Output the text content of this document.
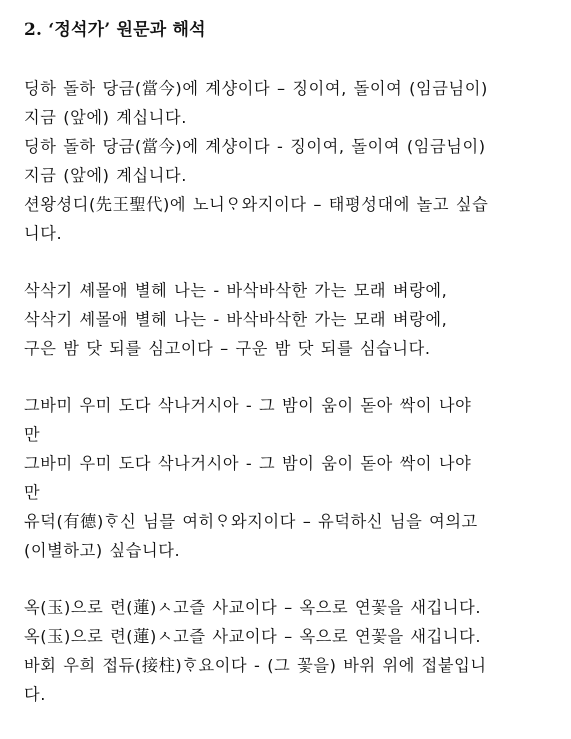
2. ‘정석가’ 원문과 해석

딩하 돌하 당금(當今)에 계샹이다 – 징이여, 돌이여 (임금님이)

지금 (앞에) 계십니다.

딩하 돌하 당금(當今)에 계샹이다 - 징이여, 돌이여 (임금님이)

지금 (앞에) 계십니다.

션왕셩디(先王聖代)에 노니ᄋᆞ와지이다 – 태평성대에 놀고 싶습

니다.

삭삭기 셰몰애 별헤 나는 - 바삭바삭한 가는 모래 벼랑에,

삭삭기 셰몰애 별헤 나는 - 바삭바삭한 가는 모래 벼랑에,

구은 밤 닷 되를 심고이다 – 구운 밤 닷 되를 심습니다.

그바미 우미 도다 삭나거시아 - 그 밤이 움이 돋아 싹이 나야

만

그바미 우미 도다 삭나거시아 - 그 밤이 움이 돋아 싹이 나야

만

유덕(有德)ᄒᆞ신 님믈 여히ᄋᆞ와지이다 – 유덕하신 님을 여의고

(이별하고) 싶습니다.

옥(玉)으로 련(蓮)ㅅ고즐 사교이다 – 옥으로 연꽃을 새깁니다.

옥(玉)으로 련(蓮)ㅅ고즐 사교이다 – 옥으로 연꽃을 새깁니다.

바회 우희 접듀(接柱)ᄒᆞ요이다 - (그 꽃을) 바위 위에 접붙입니

다.
